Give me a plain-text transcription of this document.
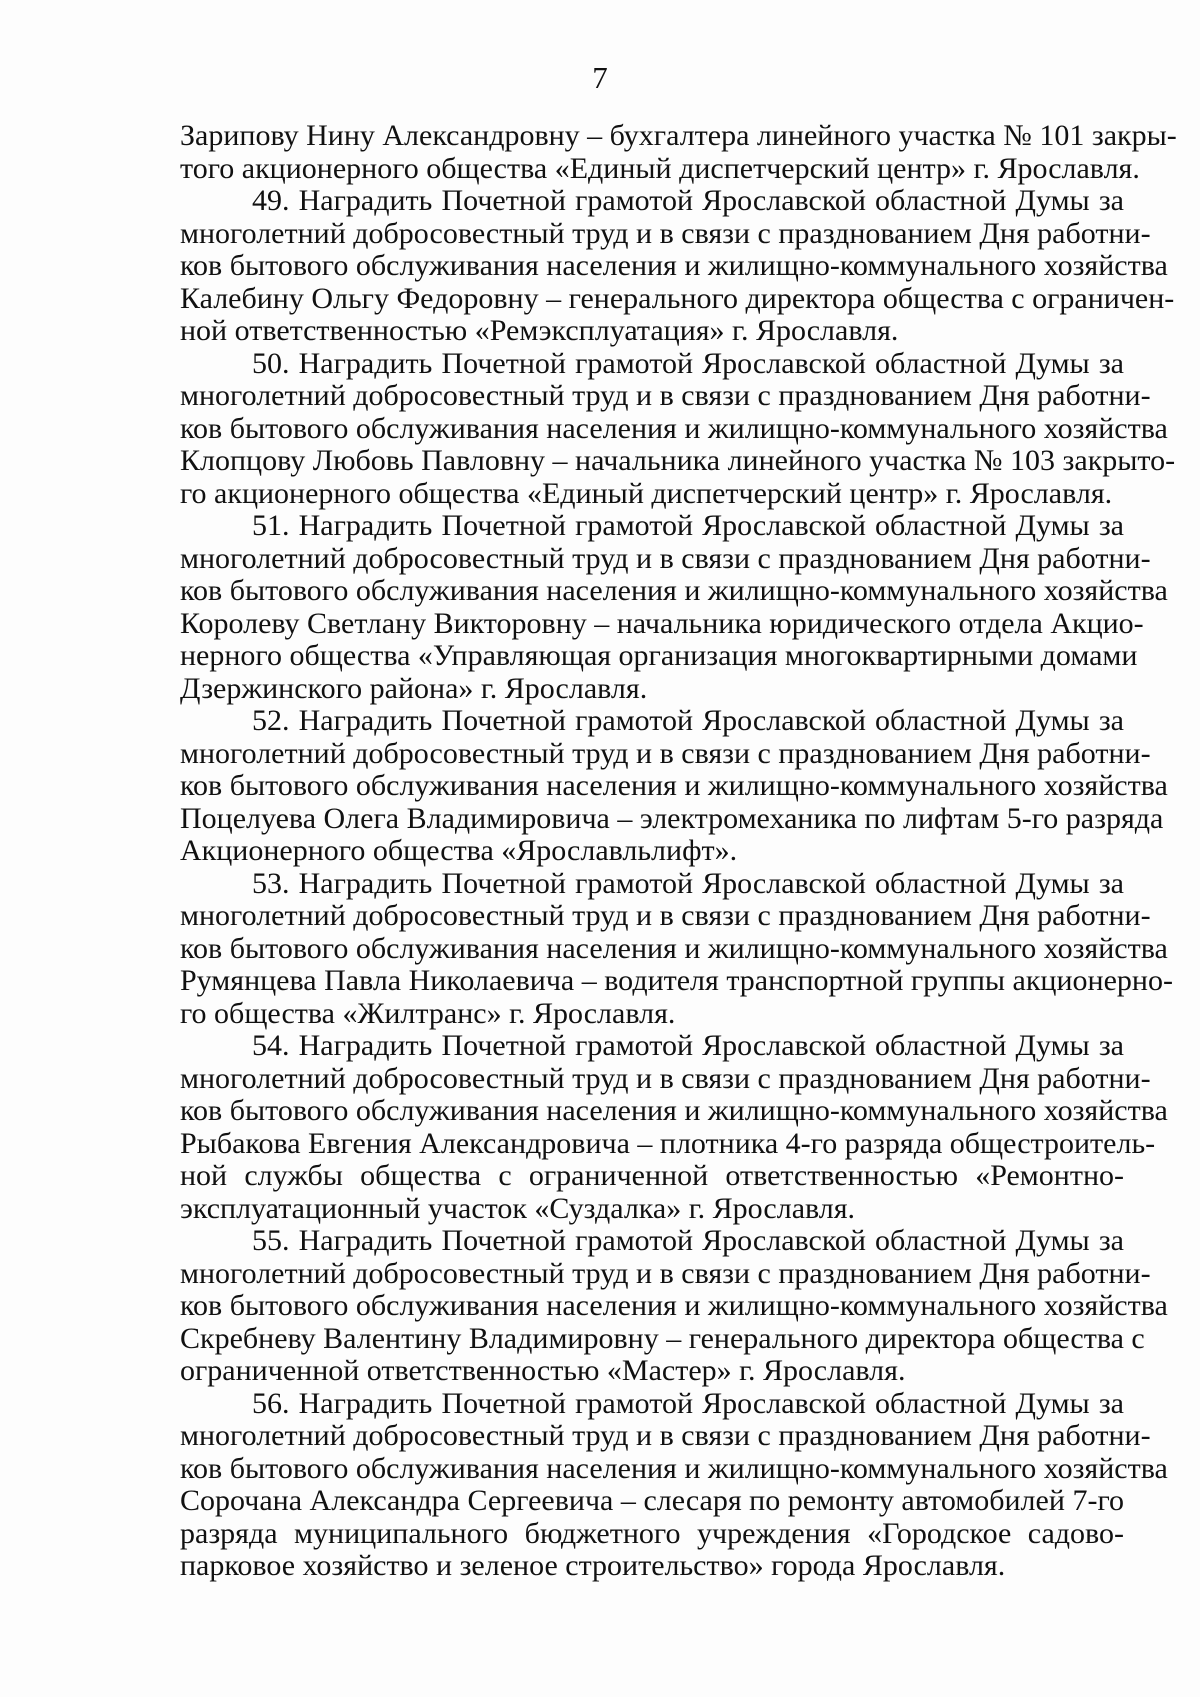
7
Зарипову Нину Александровну – бухгалтера линейного участка № 101 закры-
того акционерного общества «Единый диспетчерский центр» г. Ярославля.
49. Наградить Почетной грамотой Ярославской областной Думы за
многолетний добросовестный труд и в связи с празднованием Дня работни-
ков бытового обслуживания населения и жилищно-коммунального хозяйства
Калебину Ольгу Федоровну – генерального директора общества с ограничен-
ной ответственностью «Ремэксплуатация» г. Ярославля.
50. Наградить Почетной грамотой Ярославской областной Думы за
многолетний добросовестный труд и в связи с празднованием Дня работни-
ков бытового обслуживания населения и жилищно-коммунального хозяйства
Клопцову Любовь Павловну – начальника линейного участка № 103 закрыто-
го акционерного общества «Единый диспетчерский центр» г. Ярославля.
51. Наградить Почетной грамотой Ярославской областной Думы за
многолетний добросовестный труд и в связи с празднованием Дня работни-
ков бытового обслуживания населения и жилищно-коммунального хозяйства
Королеву Светлану Викторовну – начальника юридического отдела Акцио-
нерного общества «Управляющая организация многоквартирными домами
Дзержинского района» г. Ярославля.
52. Наградить Почетной грамотой Ярославской областной Думы за
многолетний добросовестный труд и в связи с празднованием Дня работни-
ков бытового обслуживания населения и жилищно-коммунального хозяйства
Поцелуева Олега Владимировича – электромеханика по лифтам 5-го разряда
Акционерного общества «Ярославльлифт».
53. Наградить Почетной грамотой Ярославской областной Думы за
многолетний добросовестный труд и в связи с празднованием Дня работни-
ков бытового обслуживания населения и жилищно-коммунального хозяйства
Румянцева Павла Николаевича – водителя транспортной группы акционерно-
го общества «Жилтранс» г. Ярославля.
54. Наградить Почетной грамотой Ярославской областной Думы за
многолетний добросовестный труд и в связи с празднованием Дня работни-
ков бытового обслуживания населения и жилищно-коммунального хозяйства
Рыбакова Евгения Александровича – плотника 4-го разряда общестроитель-
ной службы общества с ограниченной ответственностью «Ремонтно-
эксплуатационный участок «Суздалка» г. Ярославля.
55. Наградить Почетной грамотой Ярославской областной Думы за
многолетний добросовестный труд и в связи с празднованием Дня работни-
ков бытового обслуживания населения и жилищно-коммунального хозяйства
Скребневу Валентину Владимировну – генерального директора общества с
ограниченной ответственностью «Мастер» г. Ярославля.
56. Наградить Почетной грамотой Ярославской областной Думы за
многолетний добросовестный труд и в связи с празднованием Дня работни-
ков бытового обслуживания населения и жилищно-коммунального хозяйства
Сорочана Александра Сергеевича – слесаря по ремонту автомобилей 7-го
разряда муниципального бюджетного учреждения «Городское садово-
парковое хозяйство и зеленое строительство» города Ярославля.
